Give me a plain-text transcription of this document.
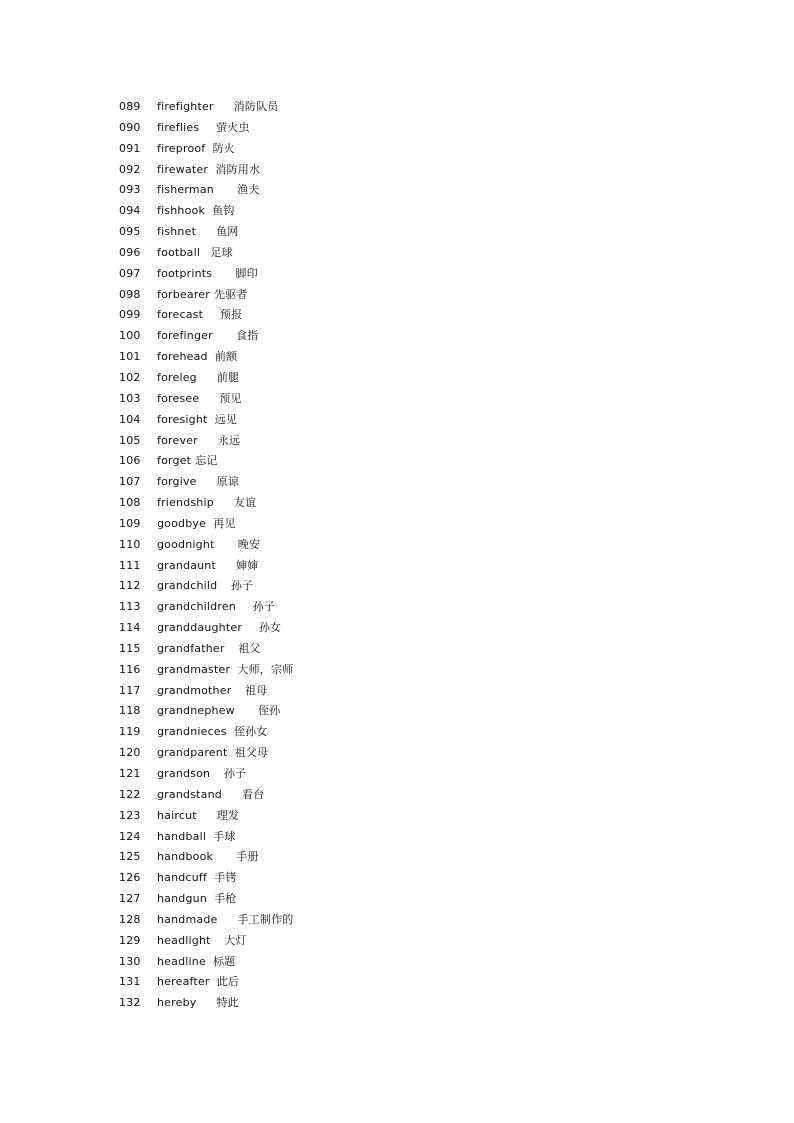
089 firefighter 消防队员
090 fireflies 萤火虫
091 fireproof 防火
092 firewater 消防用水
093 fisherman 渔夫
094 fishhook 鱼钩
095 fishnet 鱼网
096 football 足球
097 footprints 脚印
098 forbearer 先驱者
099 forecast 预报
100 forefinger 食指
101 forehead 前额
102 foreleg 前腿
103 foresee 预见
104 foresight 远见
105 forever 永远
106 forget 忘记
107 forgive 原谅
108 friendship 友谊
109 goodbye 再见
110 goodnight 晚安
111 grandaunt 婶婶
112 grandchild 孙子
113 grandchildren 孙子
114 granddaughter 孙女
115 grandfather 祖父
116 grandmaster 大师，宗师
117 grandmother 祖母
118 grandnephew 侄孙
119 grandnieces 侄孙女
120 grandparent 祖父母
121 grandson 孙子
122 grandstand 看台
123 haircut 理发
124 handball 手球
125 handbook 手册
126 handcuff 手铐
127 handgun 手枪
128 handmade 手工制作的
129 headlight 大灯
130 headline 标题
131 hereafter 此后
132 hereby 特此
